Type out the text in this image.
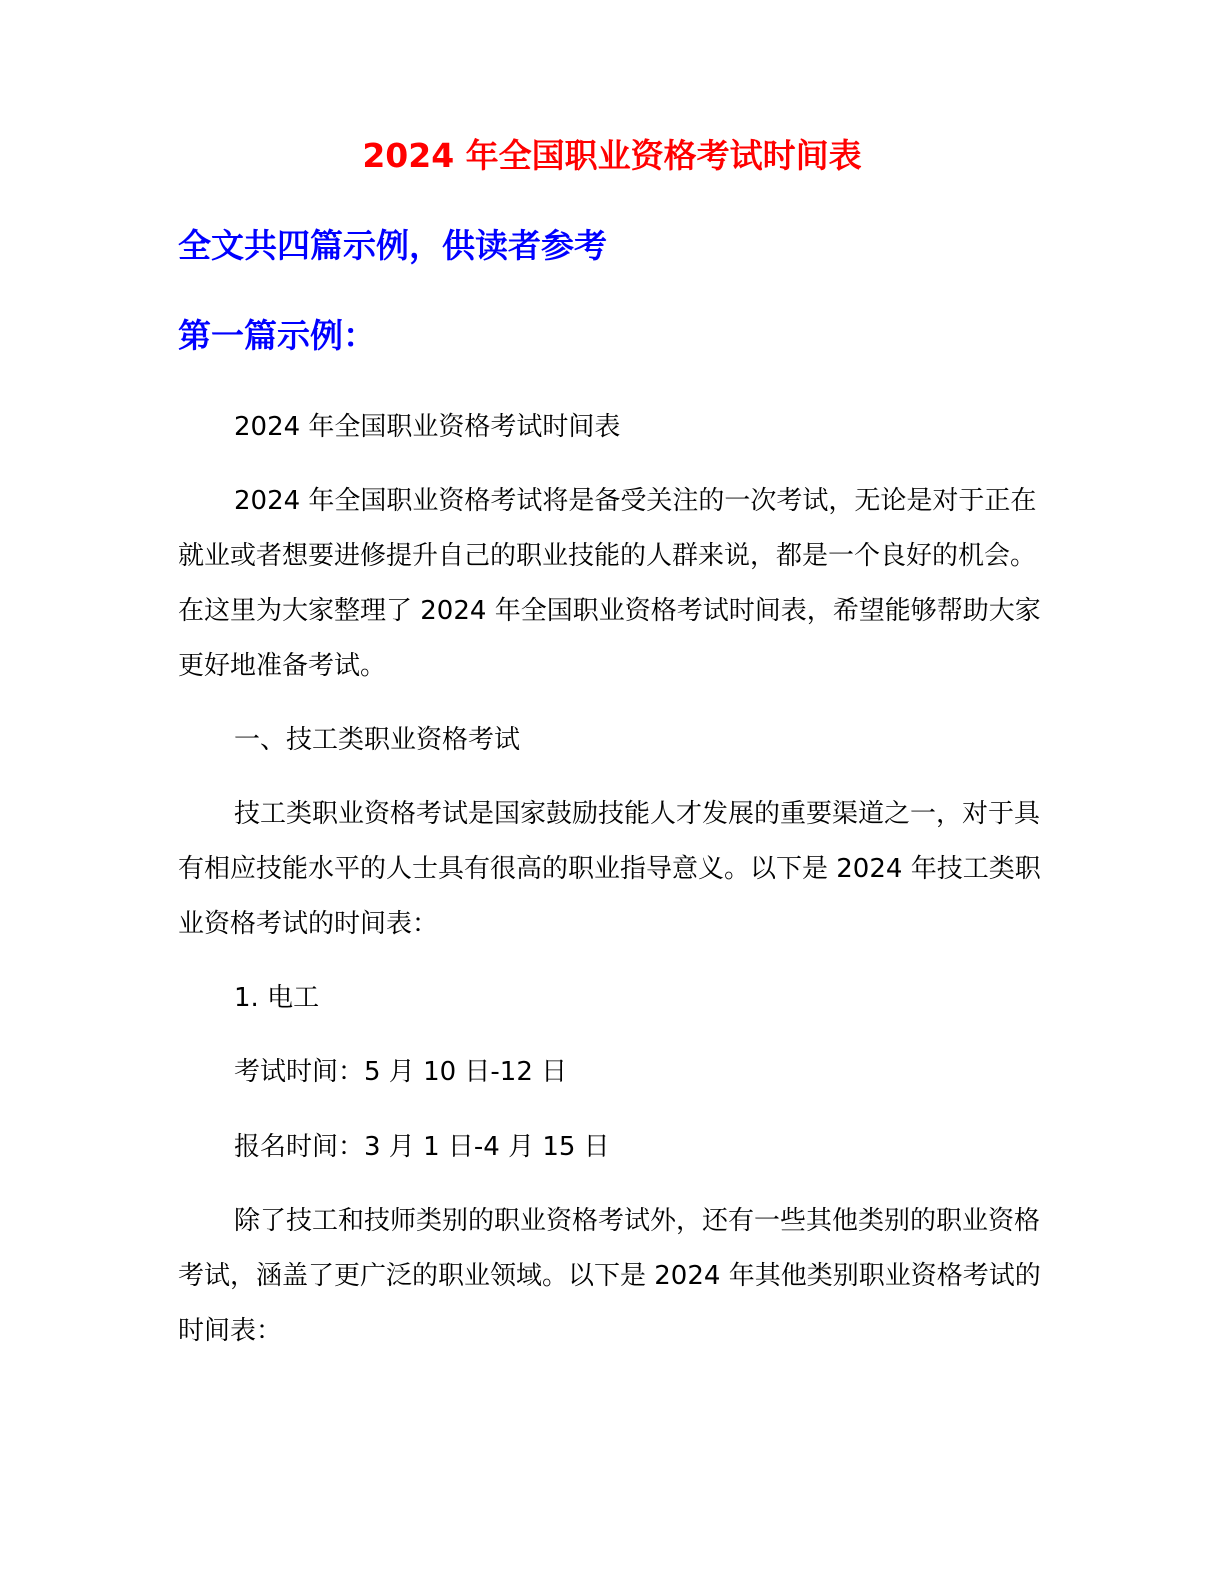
2024 年全国职业资格考试时间表
全文共四篇示例，供读者参考
第一篇示例：
2024 年全国职业资格考试时间表
2024 年全国职业资格考试将是备受关注的一次考试，无论是对于正在就业或者想要进修提升自己的职业技能的人群来说，都是一个良好的机会。在这里为大家整理了 2024 年全国职业资格考试时间表，希望能够帮助大家更好地准备考试。
一、技工类职业资格考试
技工类职业资格考试是国家鼓励技能人才发展的重要渠道之一，对于具有相应技能水平的人士具有很高的职业指导意义。以下是 2024 年技工类职业资格考试的时间表：
1. 电工
考试时间：5 月 10 日-12 日
报名时间：3 月 1 日-4 月 15 日
除了技工和技师类别的职业资格考试外，还有一些其他类别的职业资格考试，涵盖了更广泛的职业领域。以下是 2024 年其他类别职业资格考试的时间表：
